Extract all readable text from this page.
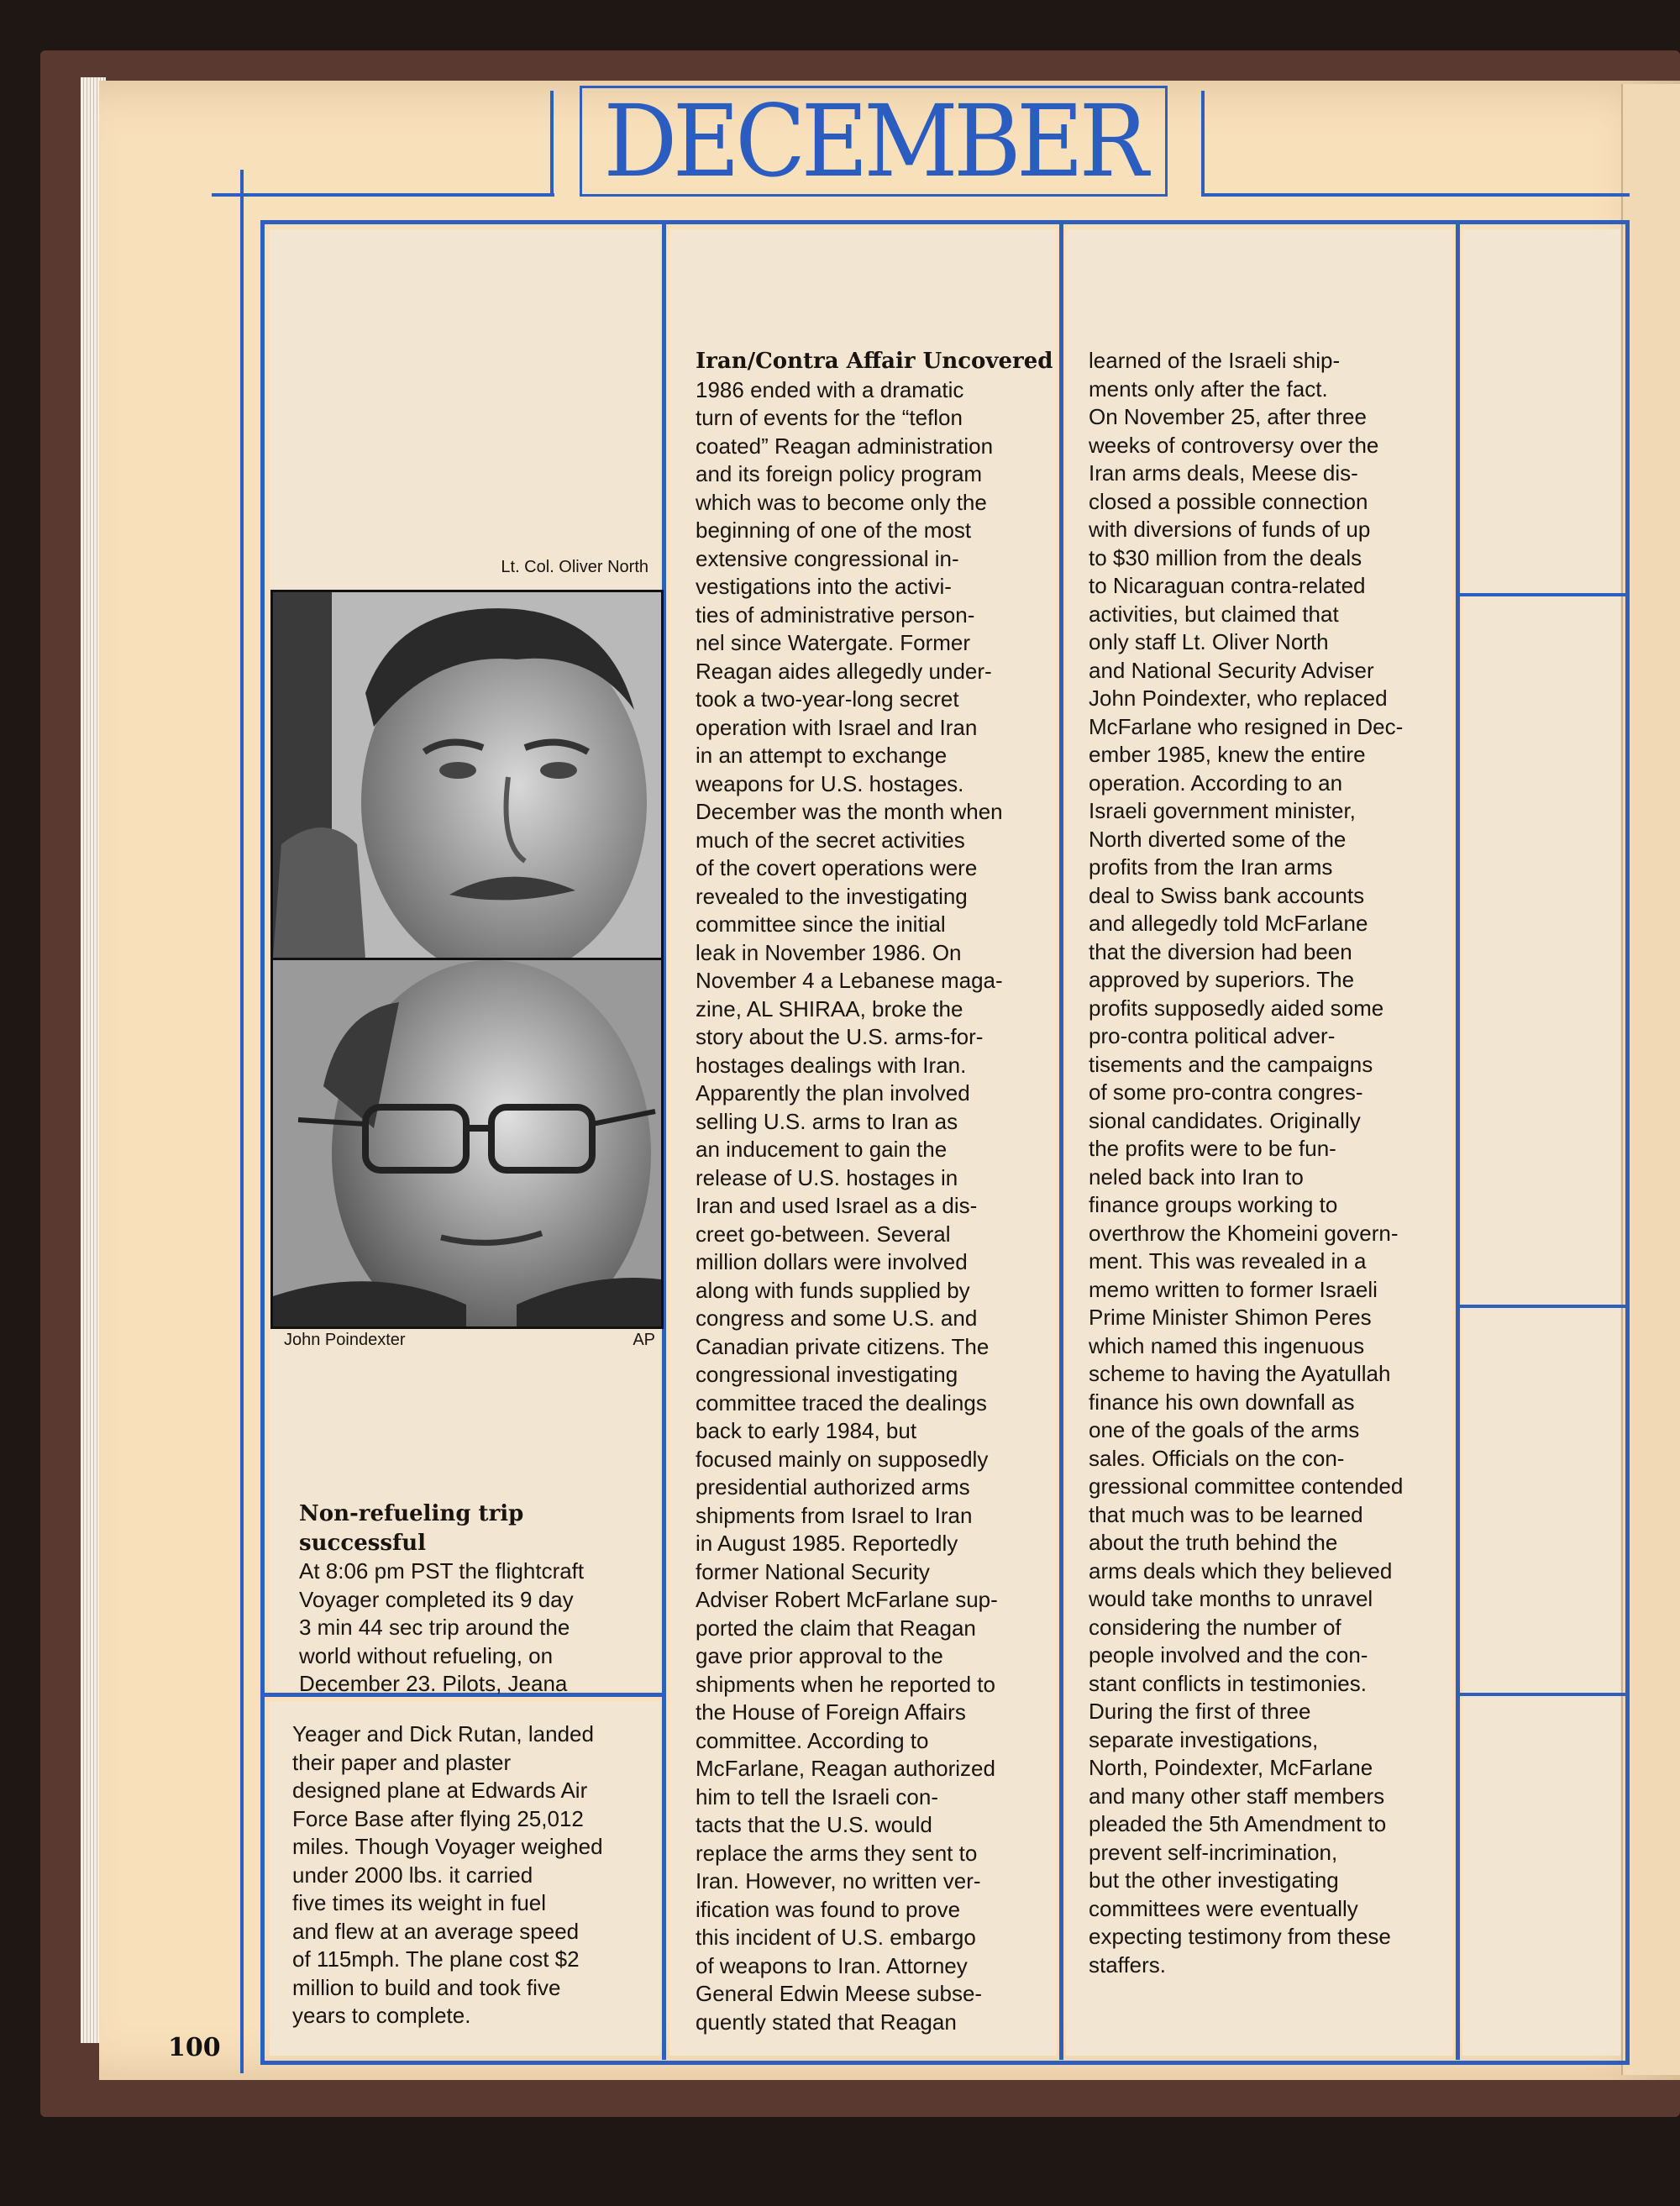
DECEMBER
Lt. Col. Oliver North
John Poindexter	AP
Non-refueling trip successful
At 8:06 pm PST the flightcraft
Voyager completed its 9 day
3 min 44 sec trip around the
world without refueling, on
December 23. Pilots, Jeana
Yeager and Dick Rutan, landed
their paper and plaster
designed plane at Edwards Air
Force Base after flying 25,012
miles. Though Voyager weighed
under 2000 lbs. it carried
five times its weight in fuel
and flew at an average speed
of 115mph. The plane cost $2
million to build and took five
years to complete.
Iran/Contra Affair Uncovered
1986 ended with a dramatic
turn of events for the “teflon
coated” Reagan administration
and its foreign policy program
which was to become only the
beginning of one of the most
extensive congressional in-
vestigations into the activi-
ties of administrative person-
nel since Watergate. Former
Reagan aides allegedly under-
took a two-year-long secret
operation with Israel and Iran
in an attempt to exchange
weapons for U.S. hostages.
December was the month when
much of the secret activities
of the covert operations were
revealed to the investigating
committee since the initial
leak in November 1986. On
November 4 a Lebanese maga-
zine, AL SHIRAA, broke the
story about the U.S. arms-for-
hostages dealings with Iran.
Apparently the plan involved
selling U.S. arms to Iran as
an inducement to gain the
release of U.S. hostages in
Iran and used Israel as a dis-
creet go-between. Several
million dollars were involved
along with funds supplied by
congress and some U.S. and
Canadian private citizens. The
congressional investigating
committee traced the dealings
back to early 1984, but
focused mainly on supposedly
presidential authorized arms
shipments from Israel to Iran
in August 1985. Reportedly
former National Security
Adviser Robert McFarlane sup-
ported the claim that Reagan
gave prior approval to the
shipments when he reported to
the House of Foreign Affairs
committee. According to
McFarlane, Reagan authorized
him to tell the Israeli con-
tacts that the U.S. would
replace the arms they sent to
Iran. However, no written ver-
ification was found to prove
this incident of U.S. embargo
of weapons to Iran. Attorney
General Edwin Meese subse-
quently stated that Reagan
learned of the Israeli ship-
ments only after the fact.
On November 25, after three
weeks of controversy over the
Iran arms deals, Meese dis-
closed a possible connection
with diversions of funds of up
to $30 million from the deals
to Nicaraguan contra-related
activities, but claimed that
only staff Lt. Oliver North
and National Security Adviser
John Poindexter, who replaced
McFarlane who resigned in Dec-
ember 1985, knew the entire
operation. According to an
Israeli government minister,
North diverted some of the
profits from the Iran arms
deal to Swiss bank accounts
and allegedly told McFarlane
that the diversion had been
approved by superiors. The
profits supposedly aided some
pro-contra political adver-
tisements and the campaigns
of some pro-contra congres-
sional candidates. Originally
the profits were to be fun-
neled back into Iran to
finance groups working to
overthrow the Khomeini govern-
ment. This was revealed in a
memo written to former Israeli
Prime Minister Shimon Peres
which named this ingenuous
scheme to having the Ayatullah
finance his own downfall as
one of the goals of the arms
sales. Officials on the con-
gressional committee contended
that much was to be learned
about the truth behind the
arms deals which they believed
would take months to unravel
considering the number of
people involved and the con-
stant conflicts in testimonies.
During the first of three
separate investigations,
North, Poindexter, McFarlane
and many other staff members
pleaded the 5th Amendment to
prevent self-incrimination,
but the other investigating
committees were eventually
expecting testimony from these
staffers.
100
